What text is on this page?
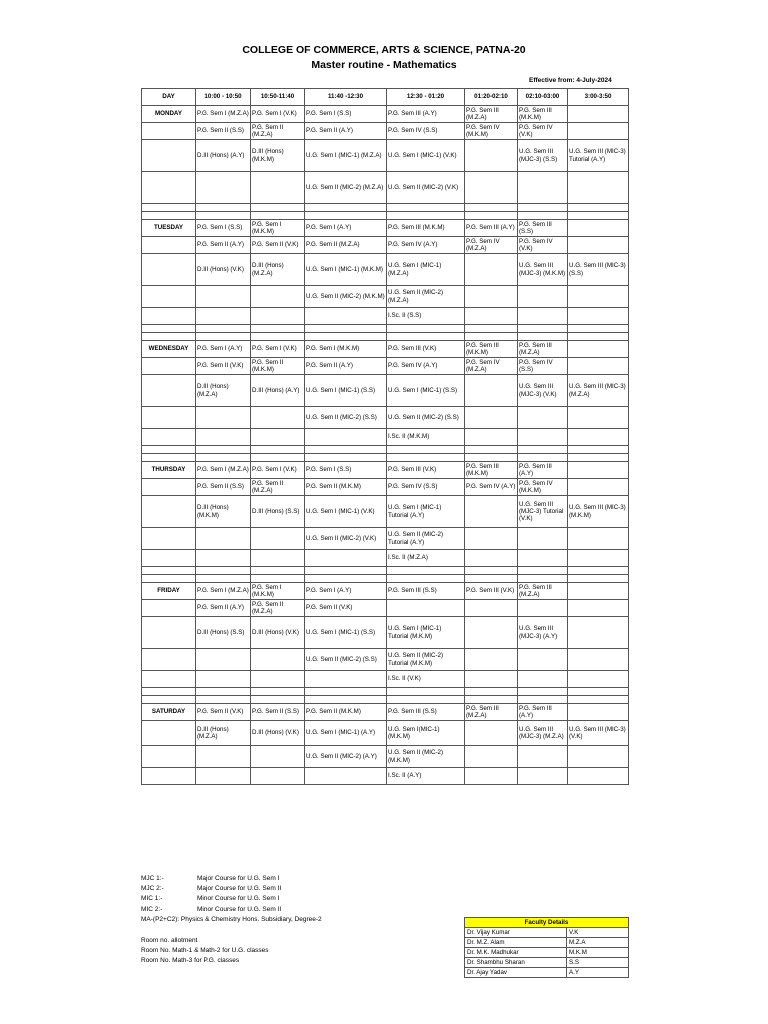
COLLEGE OF COMMERCE, ARTS & SCIENCE, PATNA-20
Master routine - Mathematics
Effective from: 4-July-2024
DAY	10:00 - 10:50	10:50-11:40	11:40 -12:30	12:30 - 01:20	01:20-02:10	02:10-03:00	3:00-3:50
MONDAY	P.G. Sem I (M.Z.A)	P.G. Sem I (V.K)	P.G. Sem I (S.S)	P.G. Sem III (A.Y)	P.G. Sem III (M.Z.A)	P.G. Sem III (M.K.M)	
	P.G. Sem II (S.S)	P.G. Sem II (M.Z.A)	P.G. Sem II (A.Y)	P.G. Sem IV (S.S)	P.G. Sem IV (M.K.M)	P.G. Sem IV (V.K)	
	D.III (Hons) (A.Y)	D.III (Hons) (M.K.M)	U.G. Sem I (MIC-1) (M.Z.A)	U.G. Sem I (MIC-1) (V.K)		U.G. Sem III (MJC-3) (S.S)	U.G. Sem III (MIC-3) Tutorial (A.Y)
			U.G. Sem II (MIC-2) (M.Z.A)	U.G. Sem II (MIC-2) (V.K)			

TUESDAY	P.G. Sem I (S.S)	P.G. Sem I (M.K.M)	P.G. Sem I (A.Y)	P.G. Sem III (M.K.M)	P.G. Sem III (A.Y)	P.G. Sem III (S.S)	
	P.G. Sem II (A.Y)	P.G. Sem II (V.K)	P.G. Sem II (M.Z.A)	P.G. Sem IV (A.Y)	P.G. Sem IV (M.Z.A)	P.G. Sem IV (V.K)	
	D.III (Hons) (V.K)	D.III (Hons) (M.Z.A)	U.G. Sem I (MIC-1) (M.K.M)	U.G. Sem I (MIC-1) (M.Z.A)		U.G. Sem III (MJC-3) (M.K.M)	U.G. Sem III (MIC-3) (S.S)
			U.G. Sem II (MIC-2) (M.K.M)	U.G. Sem II (MIC-2) (M.Z.A)			
				I.Sc. II (S.S)			

WEDNESDAY	P.G. Sem I (A.Y)	P.G. Sem I (V.K)	P.G. Sem I (M.K.M)	P.G. Sem III (V.K)	P.G. Sem III (M.K.M)	P.G. Sem III (M.Z.A)	
	P.G. Sem II (V.K)	P.G. Sem II (M.K.M)	P.G. Sem II (A.Y)	P.G. Sem IV (A.Y)	P.G. Sem IV (M.Z.A)	P.G. Sem IV (S.S)	
	D.III (Hons) (M.Z.A)	D.III (Hons) (A.Y)	U.G. Sem I (MIC-1) (S.S)	U.G. Sem I (MIC-1) (S.S)		U.G. Sem III (MJC-3) (V.K)	U.G. Sem III (MIC-3) (M.Z.A)
			U.G. Sem II (MIC-2) (S.S)	U.G. Sem II (MIC-2) (S.S)			
				I.Sc. II (M.K.M)			

THURSDAY	P.G. Sem I (M.Z.A)	P.G. Sem I (V.K)	P.G. Sem I (S.S)	P.G. Sem III (V.K)	P.G. Sem III (M.K.M)	P.G. Sem III (A.Y)	
	P.G. Sem II (S.S)	P.G. Sem II (M.Z.A)	P.G. Sem II (M.K.M)	P.G. Sem IV (S.S)	P.G. Sem IV (A.Y)	P.G. Sem IV (M.K.M)	
	D.III (Hons) (M.K.M)	D.III (Hons) (S.S)	U.G. Sem I (MIC-1) (V.K)	U.G. Sem I (MIC-1) Tutorial (A.Y)		U.G. Sem III (MJC-3) Tutorial (V.K)	U.G. Sem III (MIC-3) (M.K.M)
			U.G. Sem II (MIC-2) (V.K)	U.G. Sem II (MIC-2) Tutorial (A.Y)			
				I.Sc. II (M.Z.A)			

FRIDAY	P.G. Sem I (M.Z.A)	P.G. Sem I (M.K.M)	P.G. Sem I (A.Y)	P.G. Sem III (S.S)	P.G. Sem III (V.K)	P.G. Sem III (M.Z.A)	
	P.G. Sem II (A.Y)	P.G. Sem II (M.Z.A)	P.G. Sem II (V.K)				
	D.III (Hons) (S.S)	D.III (Hons) (V.K)	U.G. Sem I (MIC-1) (S.S)	U.G. Sem I (MIC-1) Tutorial (M.K.M)		U.G. Sem III (MJC-3) (A.Y)	
			U.G. Sem II (MIC-2) (S.S)	U.G. Sem II (MIC-2) Tutorial (M.K.M)			
				I.Sc. II (V.K)			

SATURDAY	P.G. Sem II (V.K)	P.G. Sem II (S.S)	P.G. Sem II (M.K.M)	P.G. Sem III (S.S)	P.G. Sem III (M.Z.A)	P.G. Sem III (A.Y)	
	D.III (Hons) (M.Z.A)	D.III (Hons) (V.K)	U.G. Sem I (MIC-1) (A.Y)	U.G. Sem I(MIC-1) (M.K.M)		U.G. Sem III (MJC-3) (M.Z.A)	U.G. Sem III (MIC-3) (V.K)
			U.G. Sem II (MIC-2) (A.Y)	U.G. Sem II (MIC-2) (M.K.M)			
				I.Sc. II (A.Y)			
MJC 1:-	Major Course for U.G. Sem I
MJC 2:-	Major Course for U.G. Sem II
MIC 1:-	Minor Course for U.G. Sem I
MIC 2:-	Minor Course for U.G. Sem II
MA-(P2+C2): Physics & Chemistry Hons. Subsidiary, Degree-2
Room no. allotment
Room No. Math-1 & Math-2 for U.G. classes
Room No. Math-3 for P.G. classes
Faculty Details	
Dr. Vijay Kumar	V.K
Dr. M.Z. Alam	M.Z.A
Dr. M.K. Madhukar	M.K.M
Dr. Shambhu Sharan	S.S
Dr. Ajay Yadav	A.Y
